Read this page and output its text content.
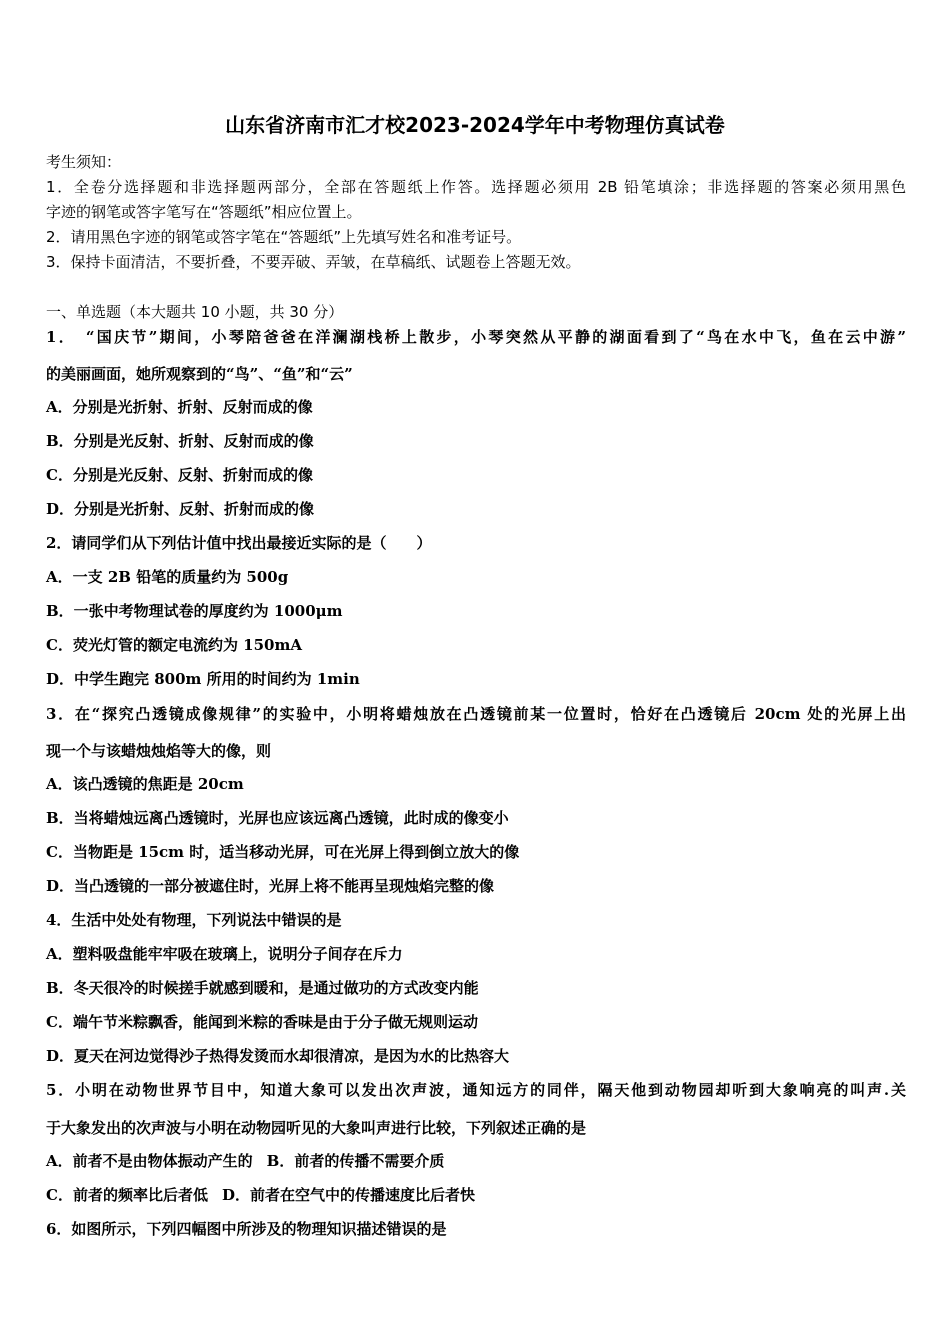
山东省济南市汇才校2023-2024学年中考物理仿真试卷
考生须知：
1．全卷分选择题和非选择题两部分，全部在答题纸上作答。选择题必须用 2B 铅笔填涂；非选择题的答案必须用黑色
字迹的钢笔或答字笔写在“答题纸”相应位置上。
2．请用黑色字迹的钢笔或答字笔在“答题纸”上先填写姓名和准考证号。
3．保持卡面清洁，不要折叠，不要弄破、弄皱，在草稿纸、试题卷上答题无效。
一、单选题（本大题共 10 小题，共 30 分）
1．　“国庆节”期间，小琴陪爸爸在洋澜湖栈桥上散步，小琴突然从平静的湖面看到了“鸟在水中飞，鱼在云中游”
的美丽画面，她所观察到的“鸟”、“鱼”和“云”
A．分别是光折射、折射、反射而成的像
B．分别是光反射、折射、反射而成的像
C．分别是光反射、反射、折射而成的像
D．分别是光折射、反射、折射而成的像
2．请同学们从下列估计值中找出最接近实际的是（　　）
A．一支 2B 铅笔的质量约为 500g
B．一张中考物理试卷的厚度约为 1000μm
C．荧光灯管的额定电流约为 150mA
D．中学生跑完 800m 所用的时间约为 1min
3．在“探究凸透镜成像规律”的实验中，小明将蜡烛放在凸透镜前某一位置时，恰好在凸透镜后 20cm 处的光屏上出
现一个与该蜡烛烛焰等大的像，则
A．该凸透镜的焦距是 20cm
B．当将蜡烛远离凸透镜时，光屏也应该远离凸透镜，此时成的像变小
C．当物距是 15cm 时，适当移动光屏，可在光屏上得到倒立放大的像
D．当凸透镜的一部分被遮住时，光屏上将不能再呈现烛焰完整的像
4．生活中处处有物理，下列说法中错误的是
A．塑料吸盘能牢牢吸在玻璃上，说明分子间存在斥力
B．冬天很冷的时候搓手就感到暖和，是通过做功的方式改变内能
C．端午节米粽飘香，能闻到米粽的香味是由于分子做无规则运动
D．夏天在河边觉得沙子热得发烫而水却很清凉，是因为水的比热容大
5．小明在动物世界节目中，知道大象可以发出次声波，通知远方的同伴，隔天他到动物园却听到大象响亮的叫声.关
于大象发出的次声波与小明在动物园听见的大象叫声进行比较，下列叙述正确的是
A．前者不是由物体振动产生的 B．前者的传播不需要介质
C．前者的频率比后者低 D．前者在空气中的传播速度比后者快
6．如图所示，下列四幅图中所涉及的物理知识描述错误的是
